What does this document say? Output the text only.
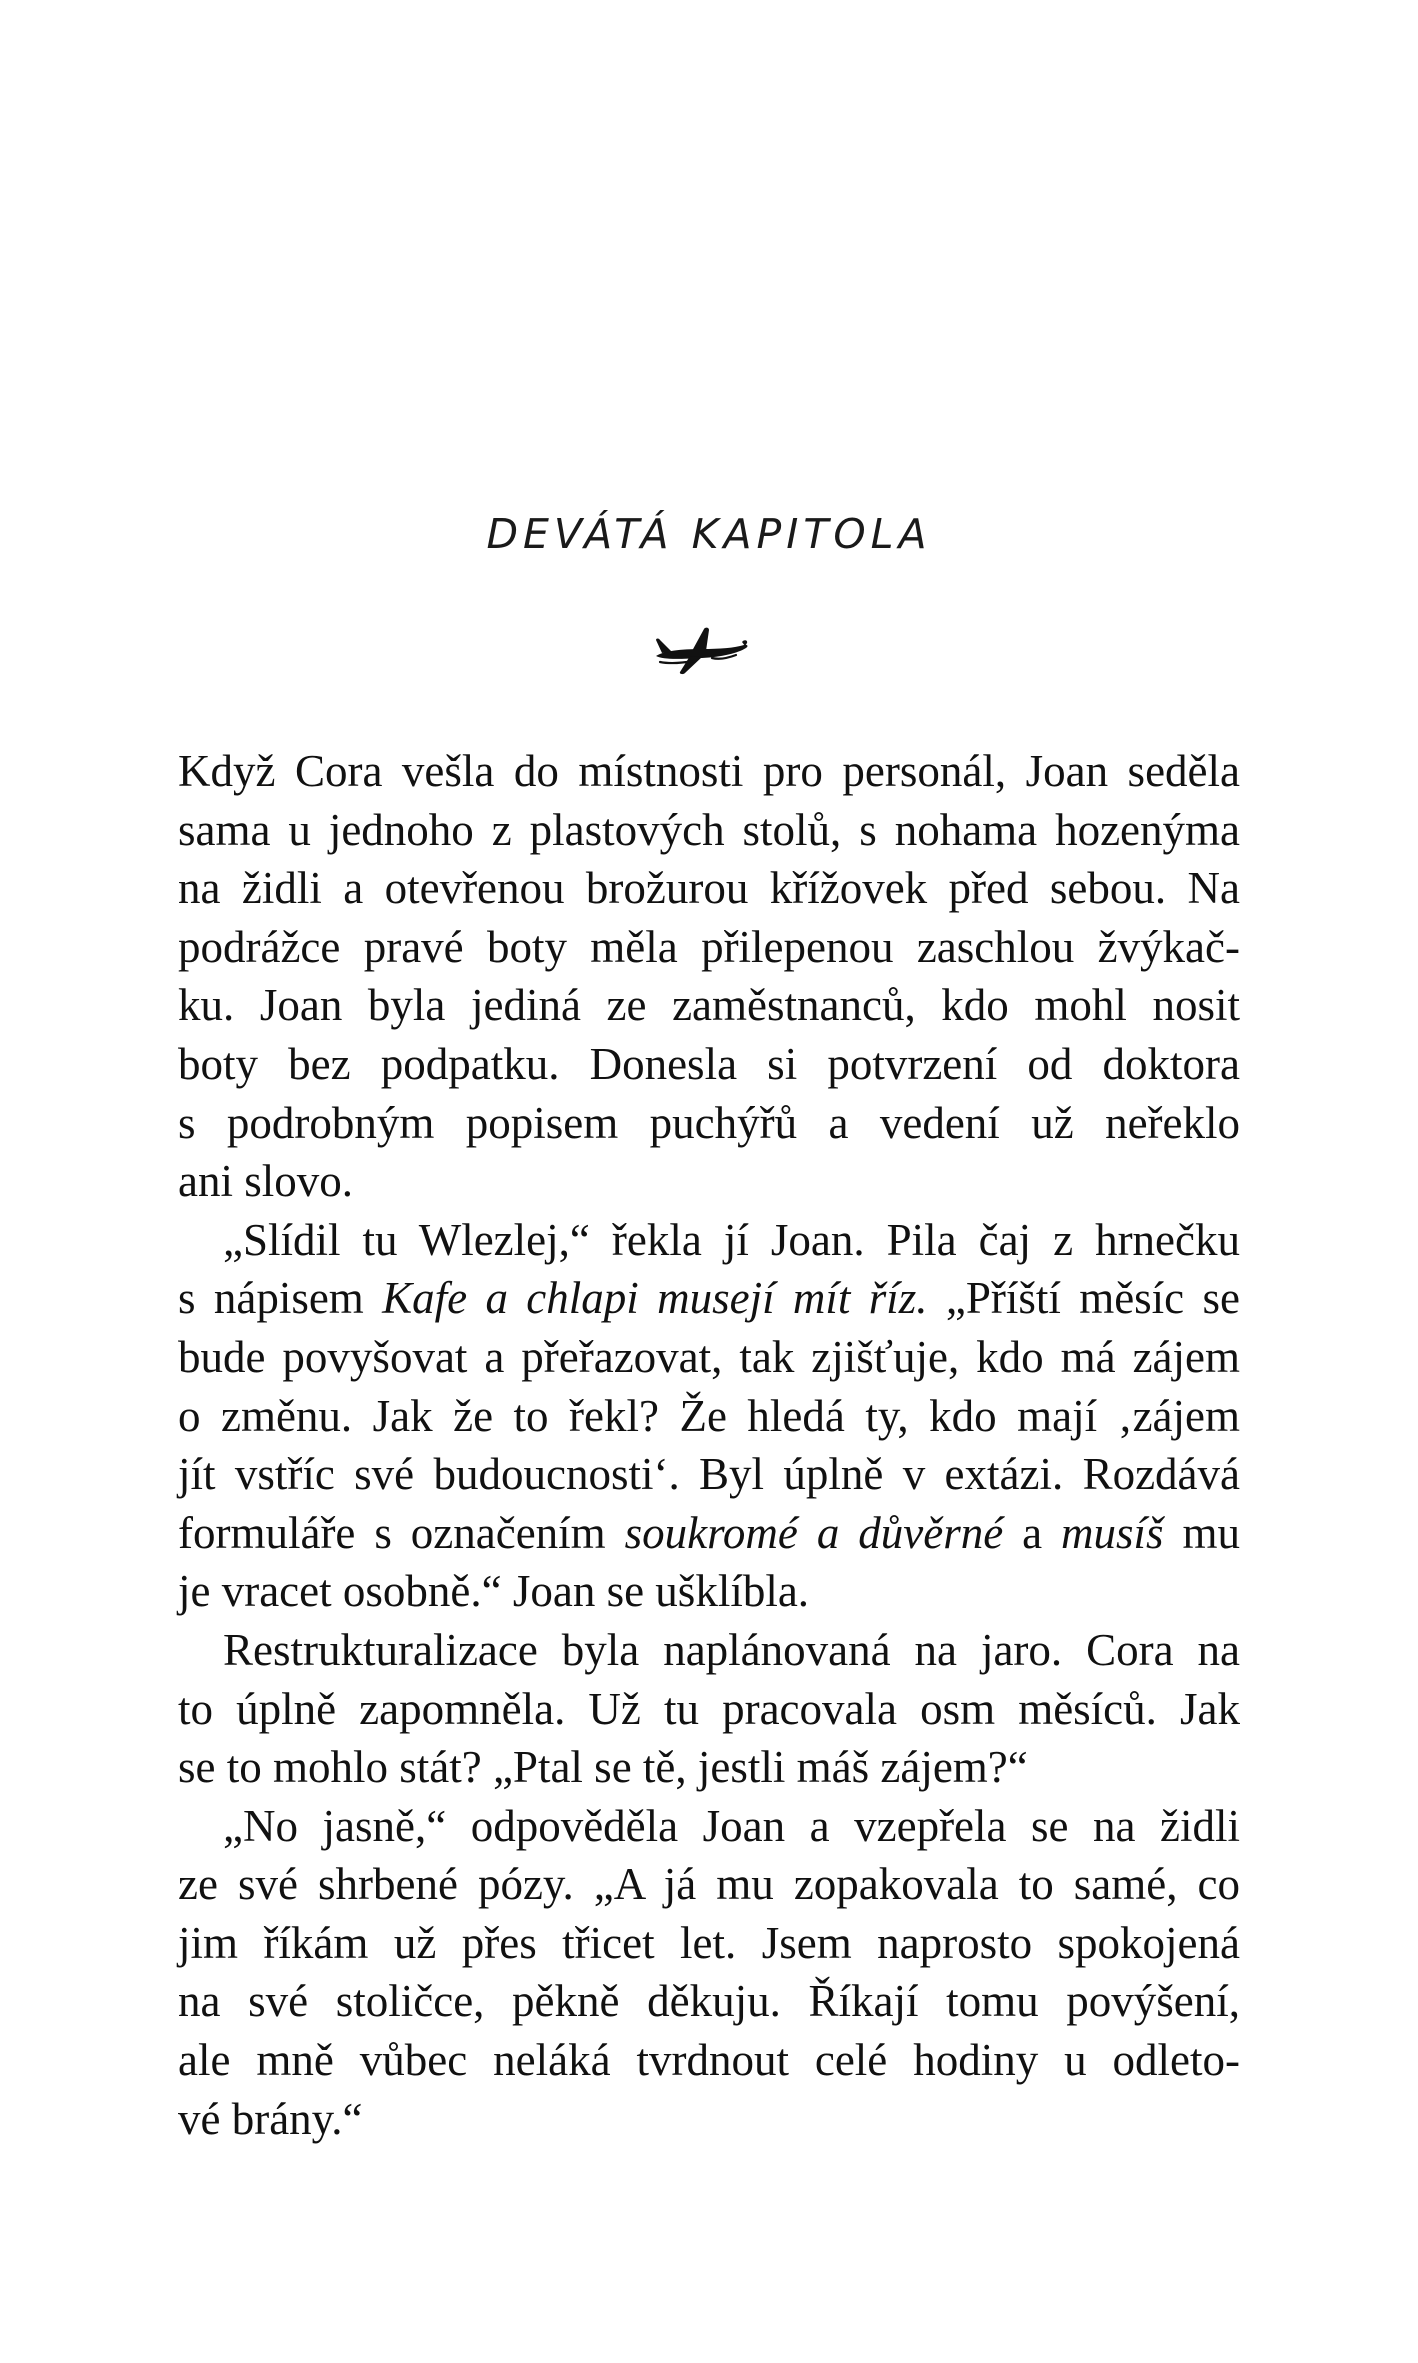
DEVÁTÁ KAPITOLA
Když Cora vešla do místnosti pro personál, Joan seděla
sama u jednoho z plastových stolů, s nohama hozenýma
na židli a otevřenou brožurou křížovek před sebou. Na
podrážce pravé boty měla přilepenou zaschlou žvýkač-
ku. Joan byla jediná ze zaměstnanců, kdo mohl nosit
boty bez podpatku. Donesla si potvrzení od doktora
s podrobným popisem puchýřů a vedení už neřeklo
ani slovo.
„Slídil tu Wlezlej,“ řekla jí Joan. Pila čaj z hrnečku
s nápisem Kafe a chlapi musejí mít říz. „Příští měsíc se
bude povyšovat a přeřazovat, tak zjišťuje, kdo má zájem
o změnu. Jak že to řekl? Že hledá ty, kdo mají ‚zájem
jít vstříc své budoucnosti‘. Byl úplně v extázi. Rozdává
formuláře s označením soukromé a důvěrné a musíš mu
je vracet osobně.“ Joan se ušklíbla.
Restrukturalizace byla naplánovaná na jaro. Cora na
to úplně zapomněla. Už tu pracovala osm měsíců. Jak
se to mohlo stát? „Ptal se tě, jestli máš zájem?“
„No jasně,“ odpověděla Joan a vzepřela se na židli
ze své shrbené pózy. „A já mu zopakovala to samé, co
jim říkám už přes třicet let. Jsem naprosto spokojená
na své stoličce, pěkně děkuju. Říkají tomu povýšení,
ale mně vůbec neláká tvrdnout celé hodiny u odleto-
vé brány.“
